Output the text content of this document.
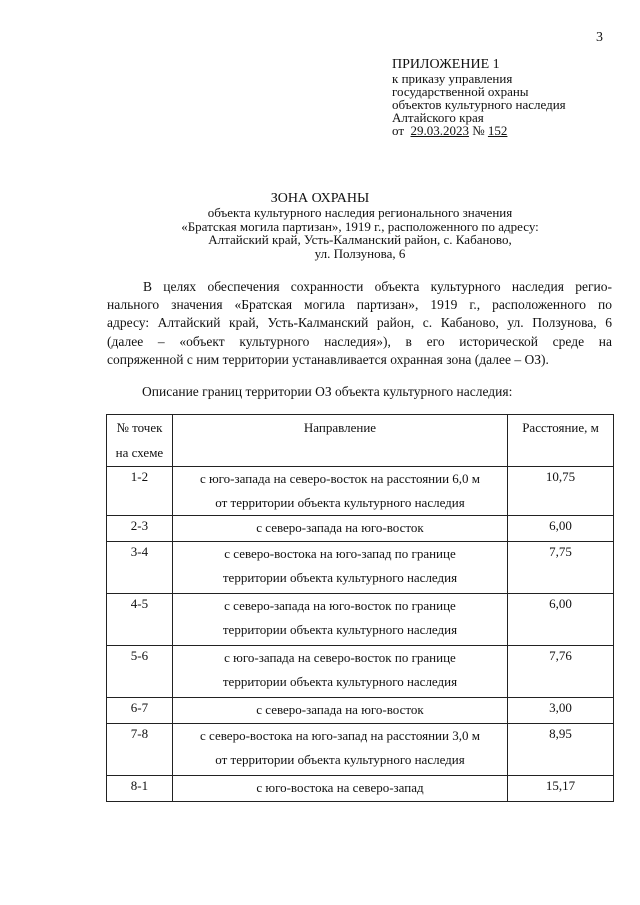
3
ПРИЛОЖЕНИЕ 1
к приказу управления
государственной охраны
объектов культурного наследия
Алтайского края
от 29.03.2023 № 152
ЗОНА ОХРАНЫ
объекта культурного наследия регионального значения
«Братская могила партизан», 1919 г., расположенного по адресу:
Алтайский край, Усть-Калманский район, с. Кабаново,
ул. Ползунова, 6
В целях обеспечения сохранности объекта культурного наследия регио-
нального значения «Братская могила партизан», 1919 г., расположенного по
адресу: Алтайский край, Усть-Калманский район, с. Кабаново, ул. Ползунова, 6
(далее – «объект культурного наследия»), в его исторической среде на
сопряженной с ним территории устанавливается охранная зона (далее – ОЗ).
Описание границ территории ОЗ объекта культурного наследия:
№ точек
на схеме	Направление	Расстояние, м

1-2	с юго-запада на северо-восток на расстоянии 6,0 м
от территории объекта культурного наследия	10,75

2-3	с северо-запада на юго-восток	6,00

3-4	с северо-востока на юго-запад по границе
территории объекта культурного наследия	7,75

4-5	с северо-запада на юго-восток по границе
территории объекта культурного наследия	6,00

5-6	с юго-запада на северо-восток по границе
территории объекта культурного наследия	7,76

6-7	с северо-запада на юго-восток	3,00

7-8	с северо-востока на юго-запад на расстоянии 3,0 м
от территории объекта культурного наследия	8,95

8-1	с юго-востока на северо-запад	15,17
